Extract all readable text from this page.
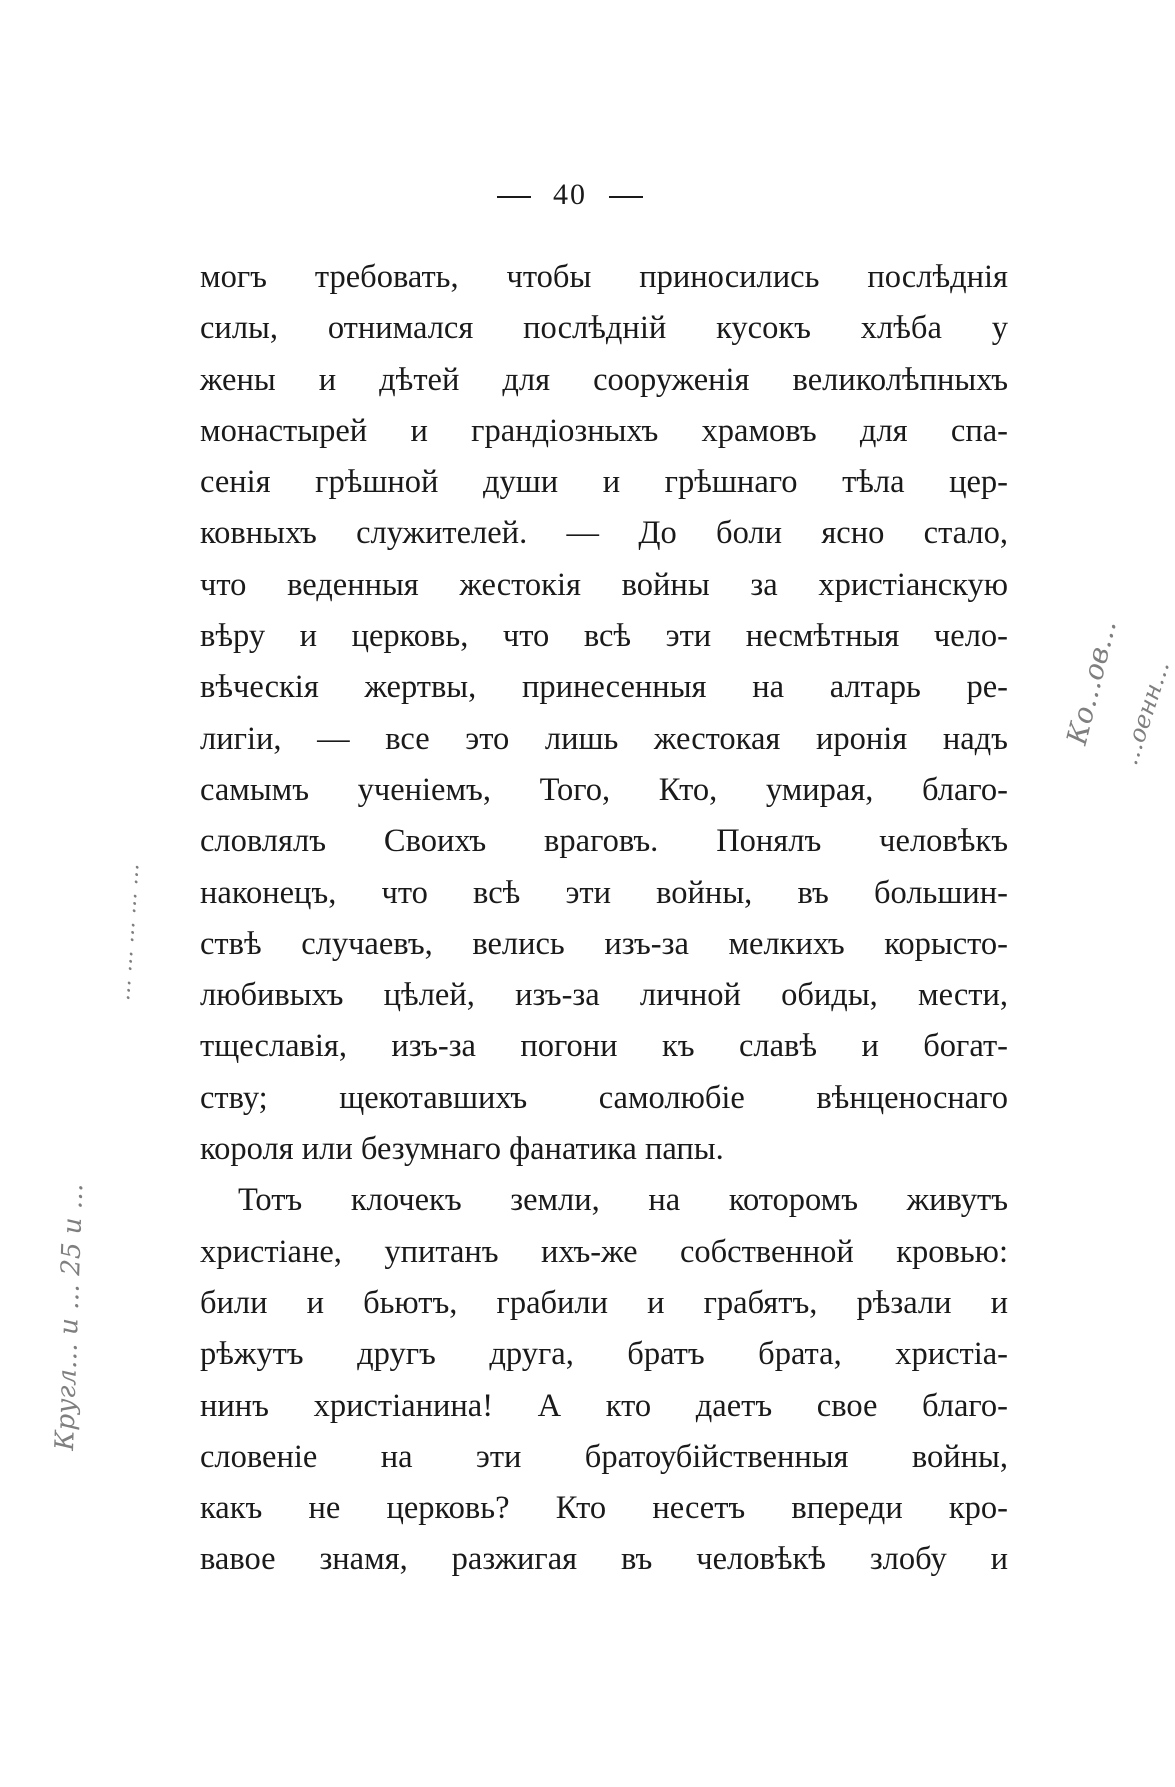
40
могъ требовать, чтобы приносились послѣднія
силы, отнимался послѣдній кусокъ хлѣба у
жены и дѣтей для сооруженія великолѣпныхъ
монастырей и грандіозныхъ храмовъ для спа-
сенія грѣшной души и грѣшнаго тѣла цер-
ковныхъ служителей. — До боли ясно стало,
что веденныя жестокія войны за христіанскую
вѣру и церковь, что всѣ эти несмѣтныя чело-
вѣческія жертвы, принесенныя на алтарь ре-
лигіи, — все это лишь жестокая иронія надъ
самымъ ученіемъ, Того, Кто, умирая, благо-
словлялъ Своихъ враговъ. Понялъ человѣкъ
наконецъ, что всѣ эти войны, въ большин-
ствѣ случаевъ, велись изъ-за мелкихъ корысто-
любивыхъ цѣлей, изъ-за личной обиды, мести,
тщеславія, изъ-за погони къ славѣ и богат-
ству; щекотавшихъ самолюбіе вѣнценоснаго
короля или безумнаго фанатика папы.
Тотъ клочекъ земли, на которомъ живутъ
христіане, упитанъ ихъ-же собственной кровью:
били и бьютъ, грабили и грабятъ, рѣзали и
рѣжутъ другъ друга, братъ брата, христіа-
нинъ христіанина! А кто даетъ свое благо-
словеніе на эти братоубійственныя войны,
какъ не церковь? Кто несетъ впереди кро-
вавое знамя, разжигая въ человѣкѣ злобу и
Кругл… и … 25 и …
… … … … …
Ко…ов…
…оенн…
